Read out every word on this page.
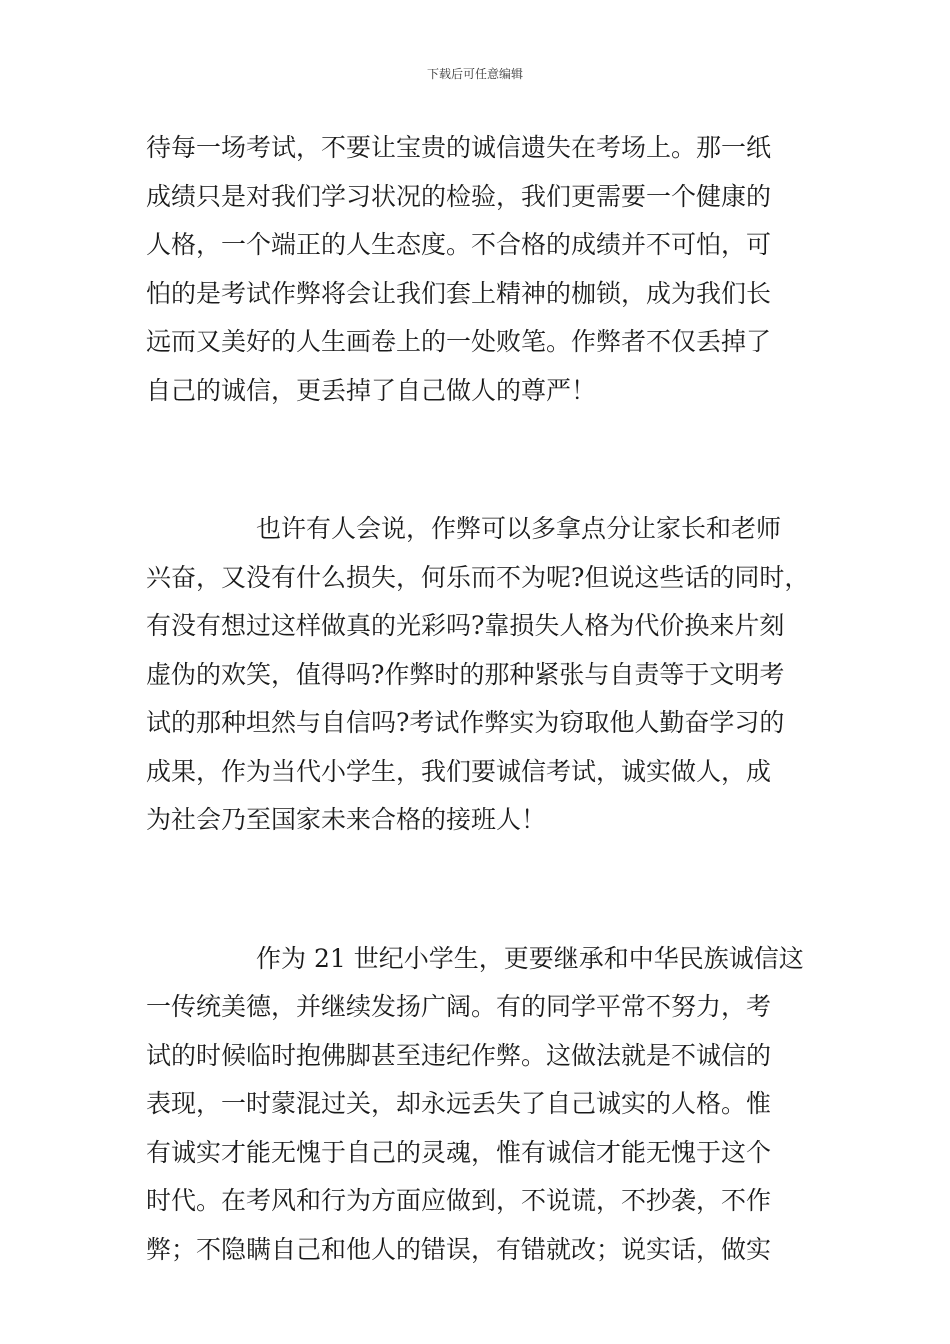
下载后可任意编辑
待每一场考试，不要让宝贵的诚信遗失在考场上。那一纸
成绩只是对我们学习状况的检验，我们更需要一个健康的
人格，一个端正的人生态度。不合格的成绩并不可怕，可
怕的是考试作弊将会让我们套上精神的枷锁，成为我们长
远而又美好的人生画卷上的一处败笔。作弊者不仅丢掉了
自己的诚信，更丢掉了自己做人的尊严！
也许有人会说，作弊可以多拿点分让家长和老师
兴奋，又没有什么损失，何乐而不为呢?但说这些话的同时，
有没有想过这样做真的光彩吗?靠损失人格为代价换来片刻
虚伪的欢笑，值得吗?作弊时的那种紧张与自责等于文明考
试的那种坦然与自信吗?考试作弊实为窃取他人勤奋学习的
成果，作为当代小学生，我们要诚信考试，诚实做人，成
为社会乃至国家未来合格的接班人！
作为 21 世纪小学生，更要继承和中华民族诚信这
一传统美德，并继续发扬广阔。有的同学平常不努力，考
试的时候临时抱佛脚甚至违纪作弊。这做法就是不诚信的
表现，一时蒙混过关，却永远丢失了自己诚实的人格。惟
有诚实才能无愧于自己的灵魂，惟有诚信才能无愧于这个
时代。在考风和行为方面应做到，不说谎，不抄袭，不作
弊；不隐瞒自己和他人的错误，有错就改；说实话，做实
